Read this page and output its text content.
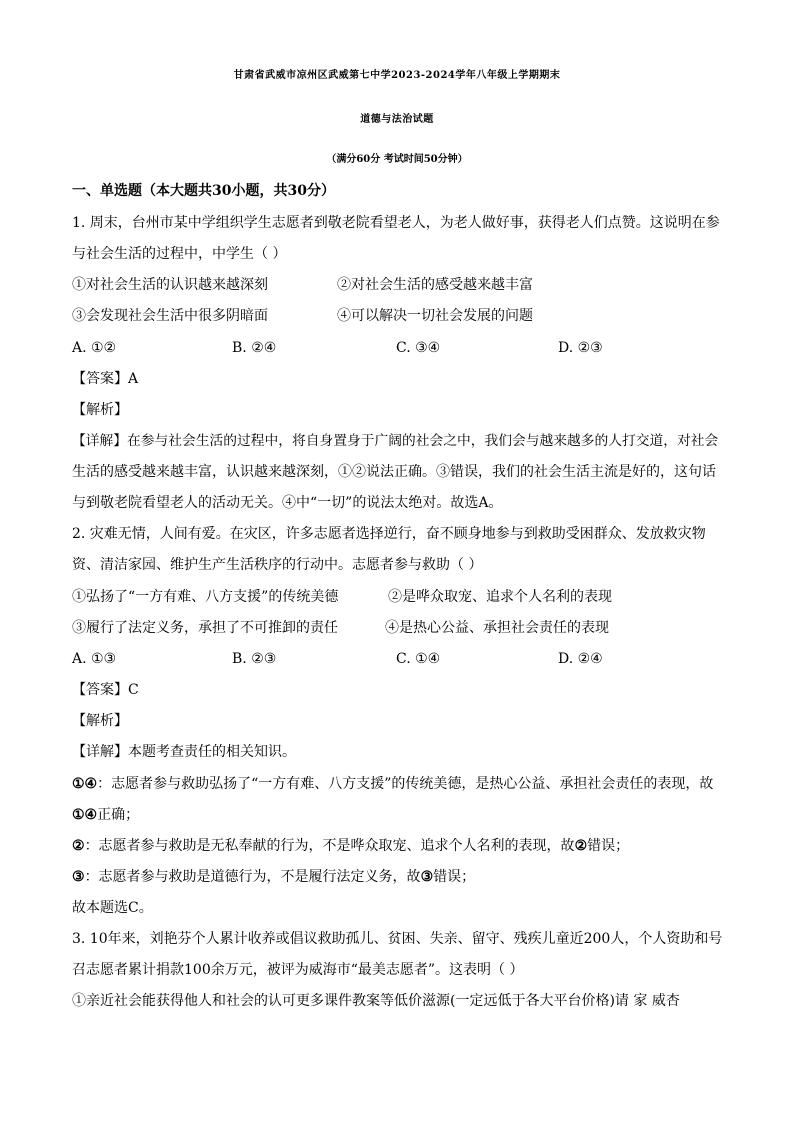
甘肃省武威市凉州区武威第七中学2023-2024学年八年级上学期期末
道德与法治试题
（满分60分 考试时间50分钟）
一、单选题（本大题共30小题，共30分）
1. 周末，台州市某中学组织学生志愿者到敬老院看望老人，为老人做好事，获得老人们点赞。这说明在参
与社会生活的过程中，中学生（ ）
①对社会生活的认识越来越深刻	②对社会生活的感受越来越丰富
③会发现社会生活中很多阴暗面	④可以解决一切社会发展的问题
A. ①②	B. ②④	C. ③④	D. ②③
【答案】A
【解析】
【详解】在参与社会生活的过程中，将自身置身于广阔的社会之中，我们会与越来越多的人打交道，对社会
生活的感受越来越丰富，认识越来越深刻，①②说法正确。③错误，我们的社会生活主流是好的，这句话
与到敬老院看望老人的活动无关。④中“一切”的说法太绝对。故选A。
2. 灾难无情，人间有爱。在灾区，许多志愿者选择逆行，奋不顾身地参与到救助受困群众、发放救灾物
资、清洁家园、维护生产生活秩序的行动中。志愿者参与救助（ ）
①弘扬了“一方有难、八方支援”的传统美德	②是哗众取宠、追求个人名利的表现
③履行了法定义务，承担了不可推卸的责任	④是热心公益、承担社会责任的表现
A. ①③	B. ②③	C. ①④	D. ②④
【答案】C
【解析】
【详解】本题考查责任的相关知识。
①④：志愿者参与救助弘扬了“一方有难、八方支援”的传统美德，是热心公益、承担社会责任的表现，故
①④正确；
②：志愿者参与救助是无私奉献的行为，不是哗众取宠、追求个人名利的表现，故②错误；
③：志愿者参与救助是道德行为，不是履行法定义务，故③错误；
故本题选C。
3. 10年来，刘艳芬个人累计收养或倡议救助孤儿、贫困、失亲、留守、残疾儿童近200人，个人资助和号
召志愿者累计捐款100余万元，被评为威海市“最美志愿者”。这表明（ ）
①亲近社会能获得他人和社会的认可更多课件教案等低价滋源(一定远低于各大平台价格)请 家 威杏
